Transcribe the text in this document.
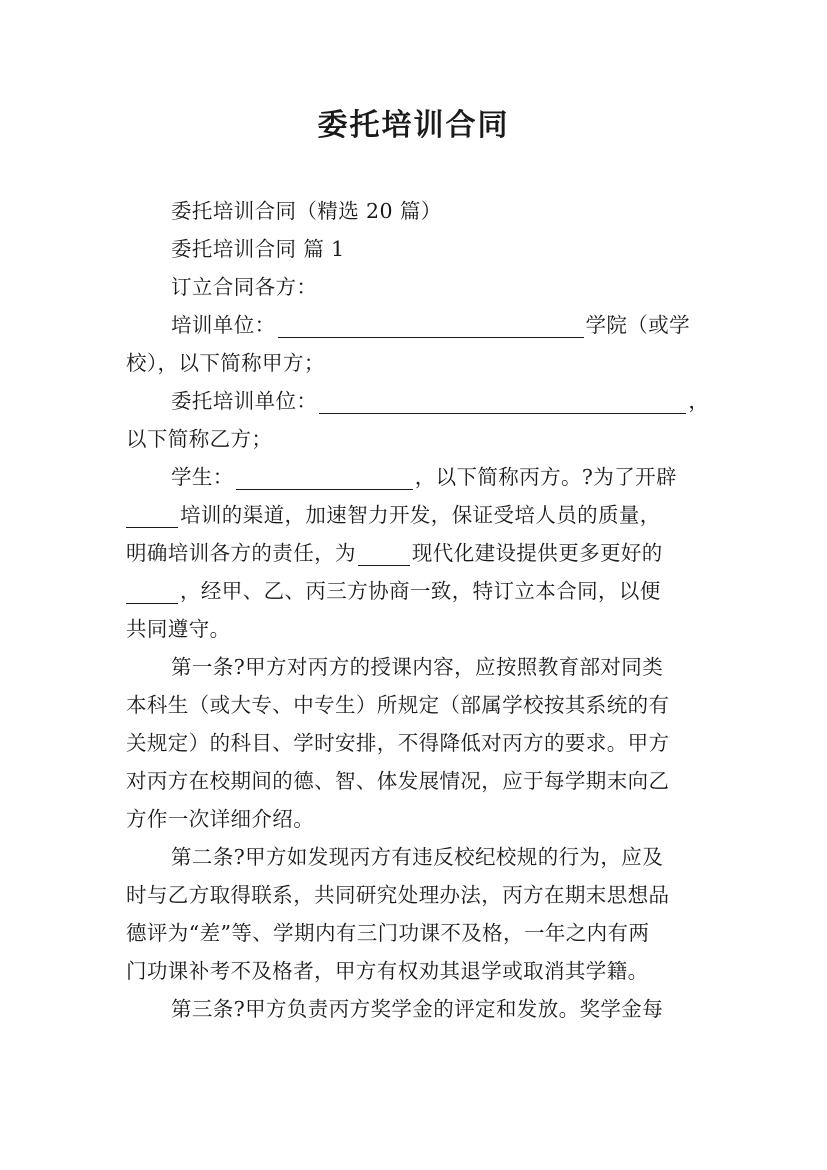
委托培训合同
委托培训合同（精选 20 篇）
委托培训合同 篇 1
订立合同各方：
培训单位：	学院（或学
校），以下简称甲方；
委托培训单位：	，
以下简称乙方；
学生：	，以下简称丙方。?为了开辟
培训的渠道，加速智力开发，保证受培人员的质量，
明确培训各方的责任，为	现代化建设提供更多更好的
，经甲、乙、丙三方协商一致，特订立本合同，以便
共同遵守。
第一条?甲方对丙方的授课内容，应按照教育部对同类
本科生（或大专、中专生）所规定（部属学校按其系统的有
关规定）的科目、学时安排，不得降低对丙方的要求。甲方
对丙方在校期间的德、智、体发展情况，应于每学期末向乙
方作一次详细介绍。
第二条?甲方如发现丙方有违反校纪校规的行为，应及
时与乙方取得联系，共同研究处理办法，丙方在期末思想品
德评为“差”等、学期内有三门功课不及格，一年之内有两
门功课补考不及格者，甲方有权劝其退学或取消其学籍。
第三条?甲方负责丙方奖学金的评定和发放。奖学金每
